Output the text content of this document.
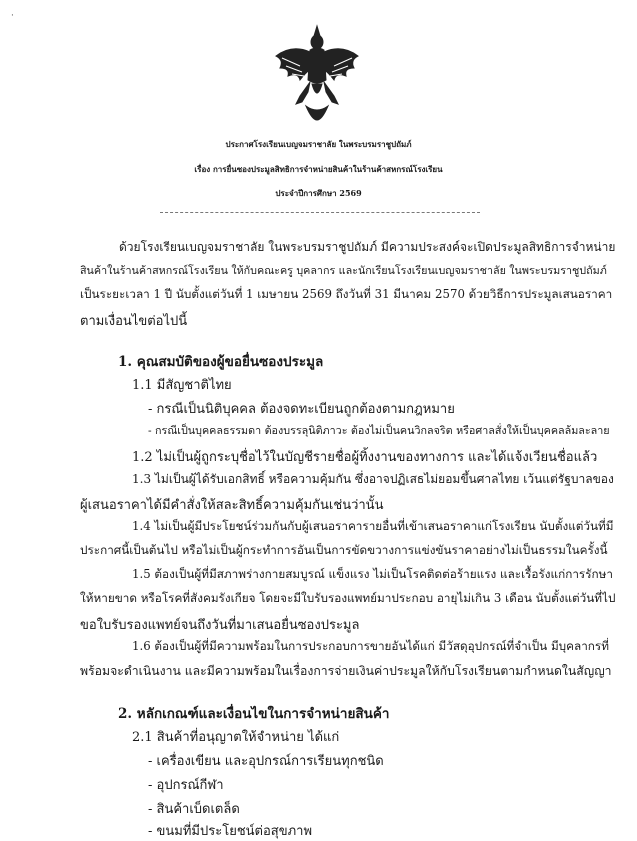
·
ประกาศโรงเรียนเบญจมราชาลัย ในพระบรมราชูปถัมภ์
เรื่อง การยื่นซองประมูลสิทธิการจำหน่ายสินค้าในร้านค้าสหกรณ์โรงเรียน
ประจำปีการศึกษา 2569
ด้วยโรงเรียนเบญจมราชาลัย ในพระบรมราชูปถัมภ์ มีความประสงค์จะเปิดประมูลสิทธิการจำหน่าย
สินค้าในร้านค้าสหกรณ์โรงเรียน ให้กับคณะครู บุคลากร และนักเรียนโรงเรียนเบญจมราชาลัย ในพระบรมราชูปถัมภ์
เป็นระยะเวลา 1 ปี นับตั้งแต่วันที่ 1 เมษายน 2569 ถึงวันที่ 31 มีนาคม 2570 ด้วยวิธีการประมูลเสนอราคา
ตามเงื่อนไขต่อไปนี้
1. คุณสมบัติของผู้ขอยื่นซองประมูล
1.1 มีสัญชาติไทย
- กรณีเป็นนิติบุคคล ต้องจดทะเบียนถูกต้องตามกฎหมาย
- กรณีเป็นบุคคลธรรมดา ต้องบรรลุนิติภาวะ ต้องไม่เป็นคนวิกลจริต หรือศาลสั่งให้เป็นบุคคลล้มละลาย
1.2 ไม่เป็นผู้ถูกระบุชื่อไว้ในบัญชีรายชื่อผู้ทิ้งงานของทางการ และได้แจ้งเวียนชื่อแล้ว
1.3 ไม่เป็นผู้ได้รับเอกสิทธิ์ หรือความคุ้มกัน ซึ่งอาจปฏิเสธไม่ยอมขึ้นศาลไทย เว้นแต่รัฐบาลของ
ผู้เสนอราคาได้มีคำสั่งให้สละสิทธิ์ความคุ้มกันเช่นว่านั้น
1.4 ไม่เป็นผู้มีประโยชน์ร่วมกันกับผู้เสนอราคารายอื่นที่เข้าเสนอราคาแก่โรงเรียน นับตั้งแต่วันที่มี
ประกาศนี้เป็นต้นไป หรือไม่เป็นผู้กระทำการอันเป็นการขัดขวางการแข่งขันราคาอย่างไม่เป็นธรรมในครั้งนี้
1.5 ต้องเป็นผู้ที่มีสภาพร่างกายสมบูรณ์ แข็งแรง ไม่เป็นโรคติดต่อร้ายแรง และเรื้อรังแก่การรักษา
ให้หายขาด หรือโรคที่สังคมรังเกียจ โดยจะมีใบรับรองแพทย์มาประกอบ อายุไม่เกิน 3 เดือน นับตั้งแต่วันที่ไป
ขอใบรับรองแพทย์จนถึงวันที่มาเสนอยื่นซองประมูล
1.6 ต้องเป็นผู้ที่มีความพร้อมในการประกอบการขายอันได้แก่ มีวัสดุอุปกรณ์ที่จำเป็น มีบุคลากรที่
พร้อมจะดำเนินงาน และมีความพร้อมในเรื่องการจ่ายเงินค่าประมูลให้กับโรงเรียนตามกำหนดในสัญญา
2. หลักเกณฑ์และเงื่อนไขในการจำหน่ายสินค้า
2.1 สินค้าที่อนุญาตให้จำหน่าย ได้แก่
- เครื่องเขียน และอุปกรณ์การเรียนทุกชนิด
- อุปกรณ์กีฬา
- สินค้าเบ็ดเตล็ด
- ขนมที่มีประโยชน์ต่อสุขภาพ
